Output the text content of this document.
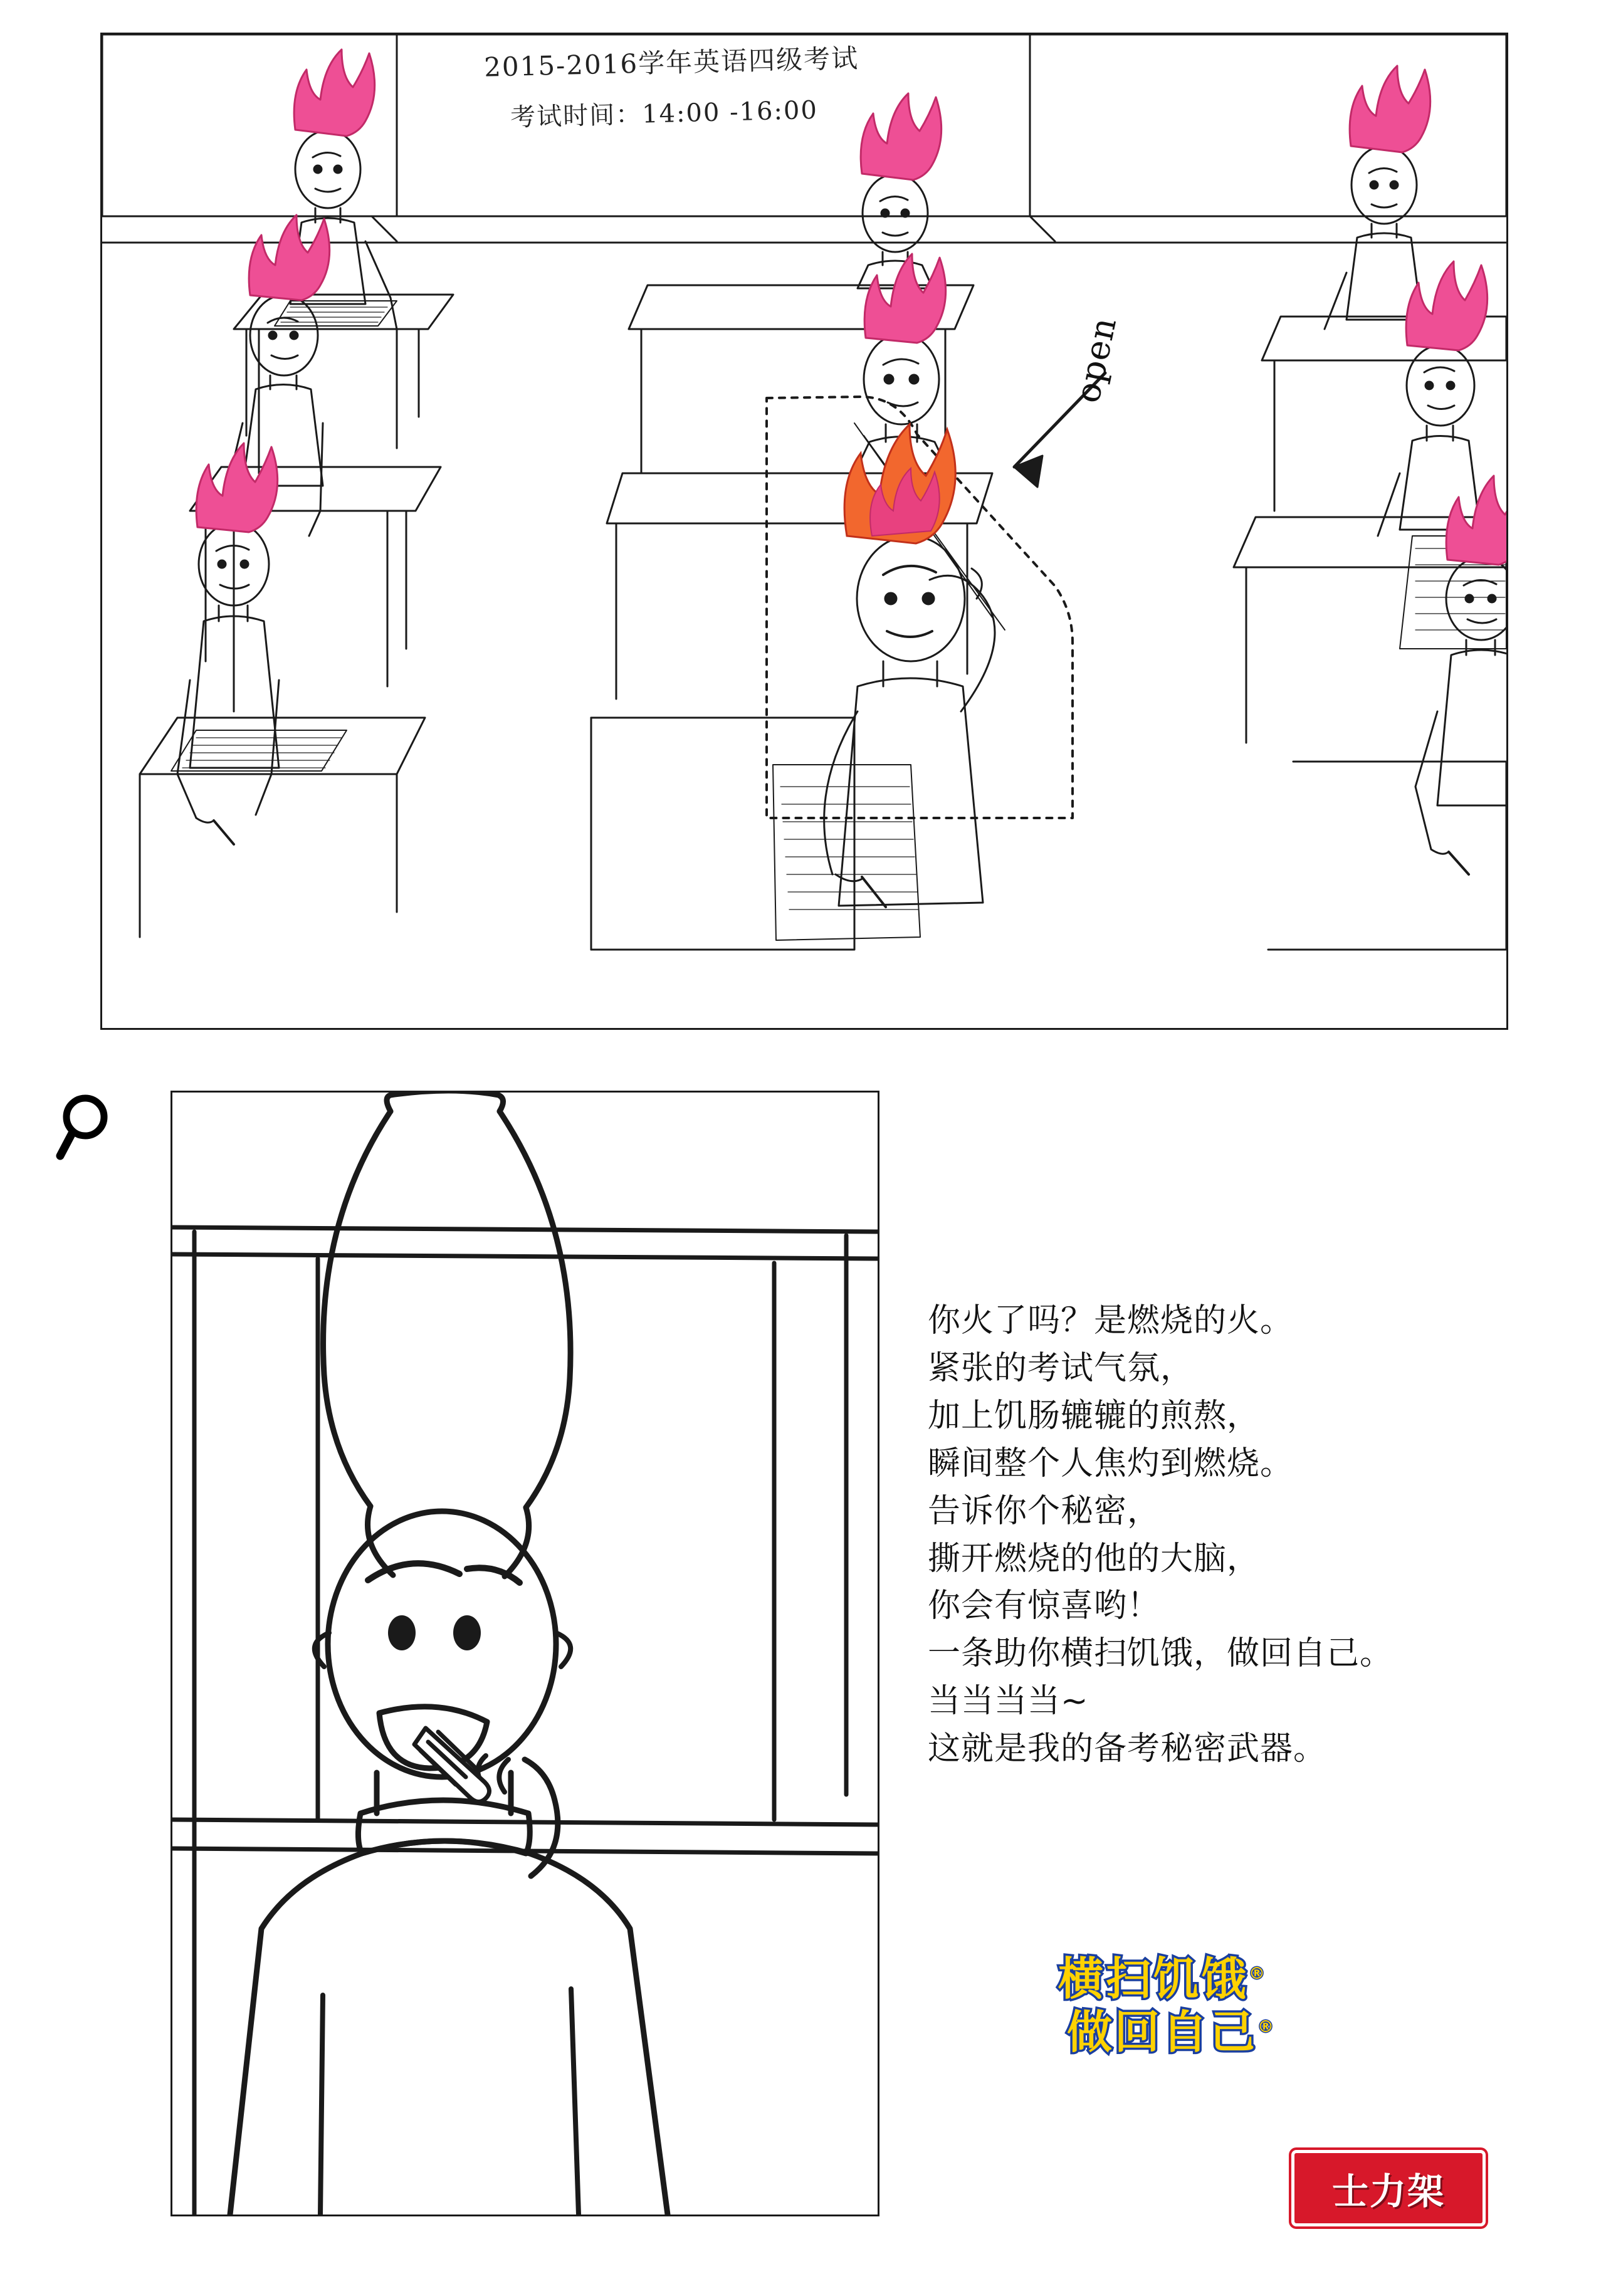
2015-2016学年英语四级考试
考试时间：14:00 -16:00
open
你火了吗？是燃烧的火。
紧张的考试气氛，
加上饥肠辘辘的煎熬，
瞬间整个人焦灼到燃烧。
告诉你个秘密，
撕开燃烧的他的大脑，
你会有惊喜哟！
一条助你横扫饥饿，做回自己。
当当当当~
这就是我的备考秘密武器。
横扫饥饿®
做回自己®
士力架
